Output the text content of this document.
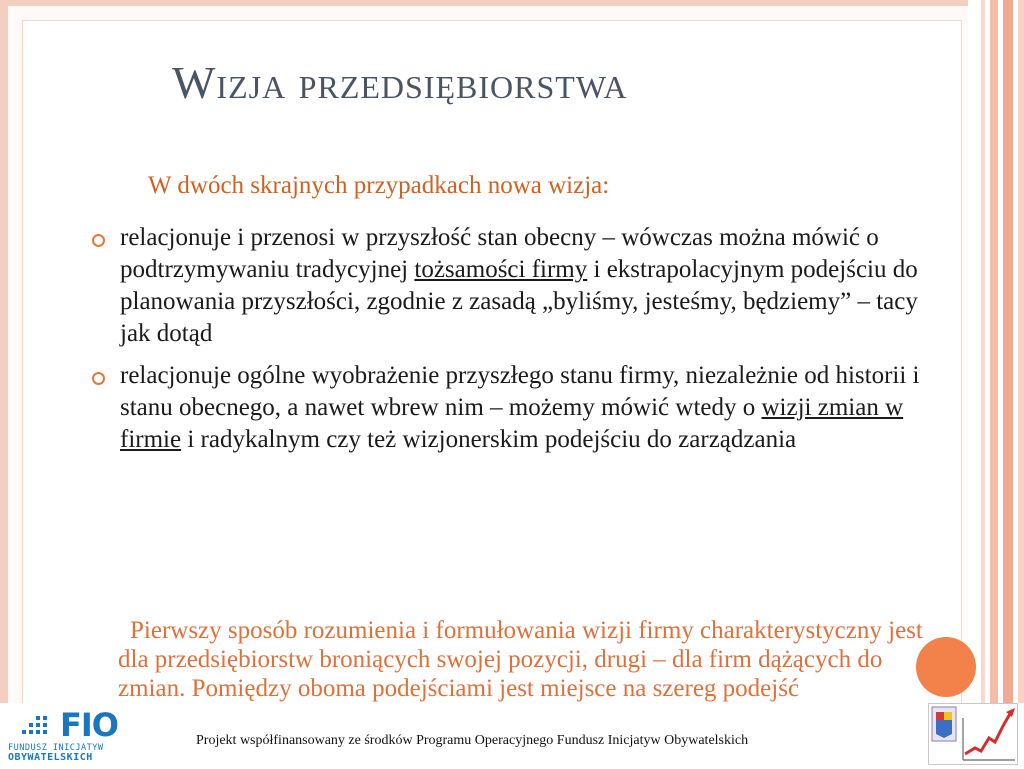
Wizja przedsiębiorstwa
W dwóch skrajnych przypadkach nowa wizja:
relacjonuje i przenosi w przyszłość stan obecny – wówczas można mówić o podtrzymywaniu tradycyjnej tożsamości firmy i ekstrapolacyjnym podejściu do planowania przyszłości, zgodnie z zasadą „byliśmy, jesteśmy, będziemy” – tacy jak dotąd
relacjonuje ogólne wyobrażenie przyszłego stanu firmy, niezależnie od historii i stanu obecnego, a nawet wbrew nim – możemy mówić wtedy o wizji zmian w firmie i radykalnym czy też wizjonerskim podejściu do zarządzania
Pierwszy sposób rozumienia i formułowania wizji firmy charakterystyczny jest dla przedsiębiorstw broniących swojej pozycji, drugi – dla firm dążących do zmian. Pomiędzy oboma podejściami jest miejsce na szereg podejść
FIO
FUNDUSZ INICJATYW
OBYWATELSKICH
Projekt współfinansowany ze środków Programu Operacyjnego Fundusz Inicjatyw Obywatelskich
